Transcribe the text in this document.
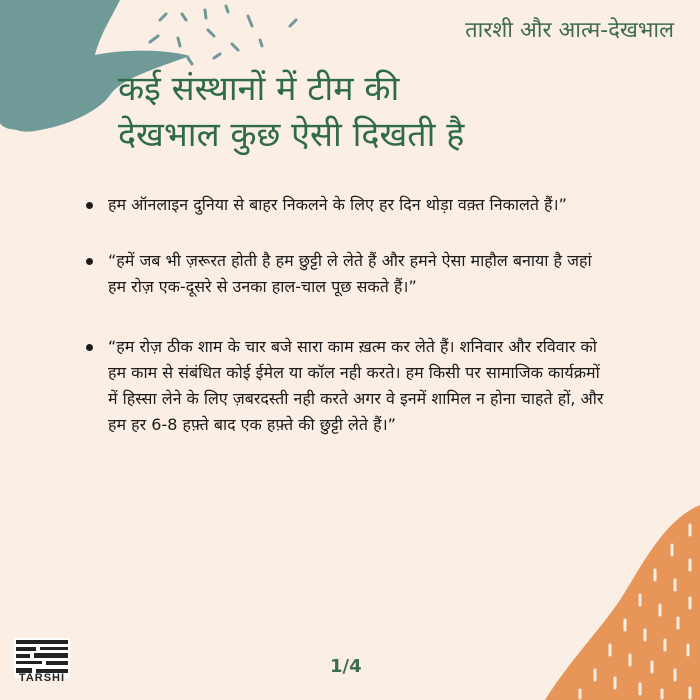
तारशी और आत्म-देखभाल
कई संस्थानों में टीम की
देखभाल कुछ ऐसी दिखती है
हम ऑनलाइन दुनिया से बाहर निकलने के लिए हर दिन थोड़ा वक़्त निकालते हैं।”
“हमें जब भी ज़रूरत होती है हम छुट्टी ले लेते हैं और हमने ऐसा माहौल बनाया है जहां हम रोज़ एक-दूसरे से उनका हाल-चाल पूछ सकते हैं।”
“हम रोज़ ठीक शाम के चार बजे सारा काम ख़त्म कर लेते हैं। शनिवार और रविवार को हम काम से संबंधित कोई ईमेल या कॉल नही करते। हम किसी पर सामाजिक कार्यक्रमों में हिस्सा लेने के लिए ज़बरदस्ती नही करते अगर वे इनमें शामिल न होना चाहते हों, और हम हर 6-8 हफ़्ते बाद एक हफ़्ते की छुट्टी लेते हैं।”
TARSHI
1/4
